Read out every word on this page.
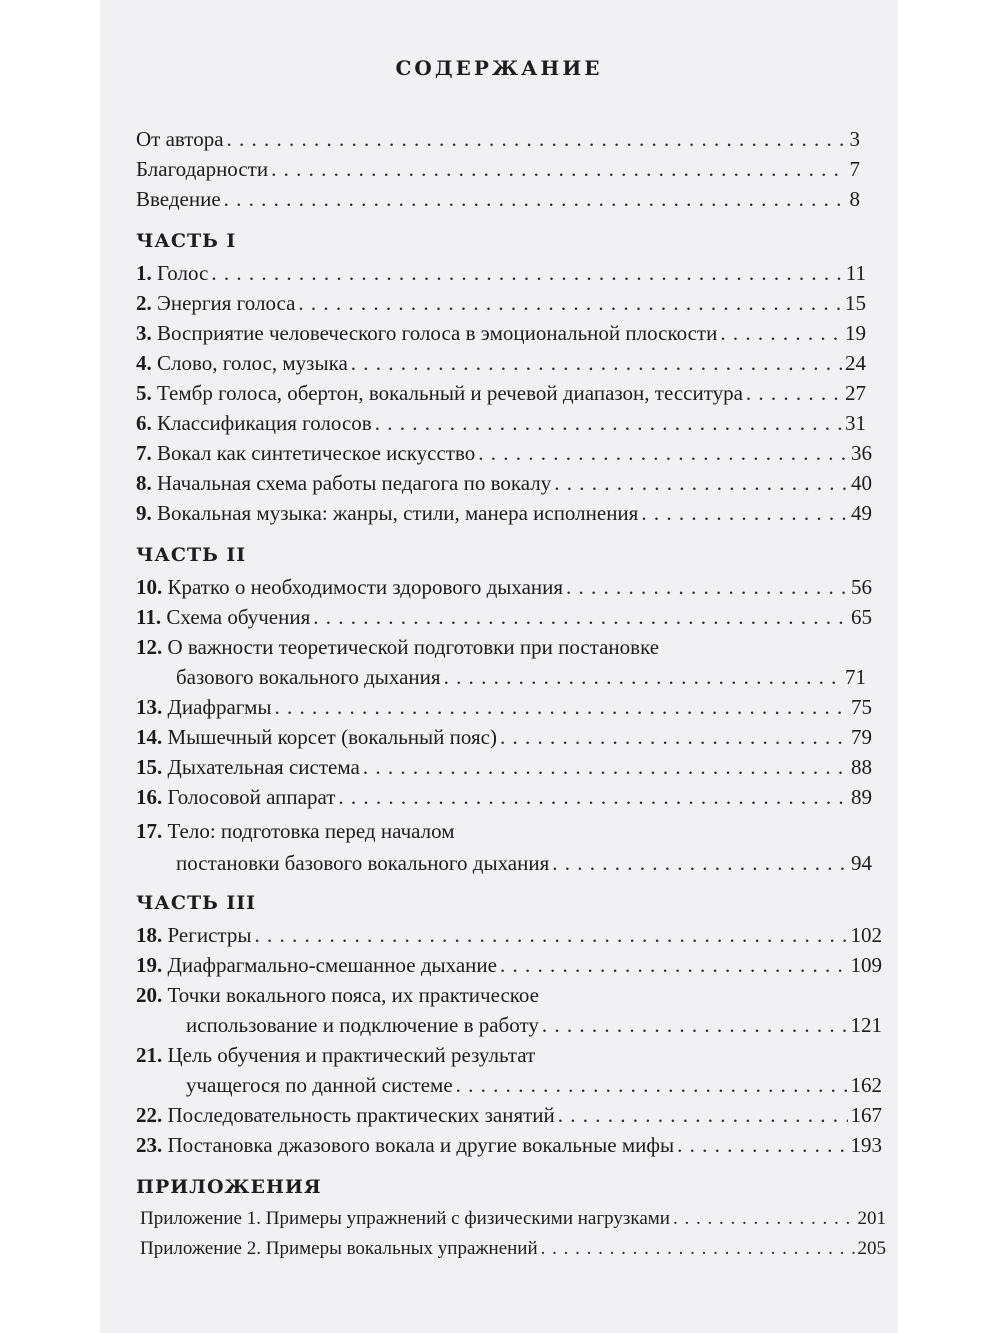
СОДЕРЖАНИЕ
От автора . . .	3
Благодарности . . .	7
Введение . . .	8
ЧАСТЬ I
1. Голос . . .	11
2. Энергия голоса . . .	15
3. Восприятие человеческого голоса в эмоциональной плоскости . . .	19
4. Слово, голос, музыка . . .	24
5. Тембр голоса, обертон, вокальный и речевой диапазон, тесситура . . .	27
6. Классификация голосов . . .	31
7. Вокал как синтетическое искусство . . .	36
8. Начальная схема работы педагога по вокалу . . .	40
9. Вокальная музыка: жанры, стили, манера исполнения . . .	49
ЧАСТЬ II
10. Кратко о необходимости здорового дыхания . . .	56
11. Схема обучения . . .	65
12. О важности теоретической подготовки при постановке
базового вокального дыхания . . .	71
13. Диафрагмы . . .	75
14. Мышечный корсет (вокальный пояс) . . .	79
15. Дыхательная система . . .	88
16. Голосовой аппарат . . .	89
17. Тело: подготовка перед началом
постановки базового вокального дыхания . . .	94
ЧАСТЬ III
18. Регистры . . .	102
19. Диафрагмально-смешанное дыхание . . .	109
20. Точки вокального пояса, их практическое
использование и подключение в работу . . .	121
21. Цель обучения и практический результат
учащегося по данной системе . . .	162
22. Последовательность практических занятий . . .	167
23. Постановка джазового вокала и другие вокальные мифы . . .	193
ПРИЛОЖЕНИЯ
Приложение 1. Примеры упражнений с физическими нагрузками . . .	201
Приложение 2. Примеры вокальных упражнений . . .	205
